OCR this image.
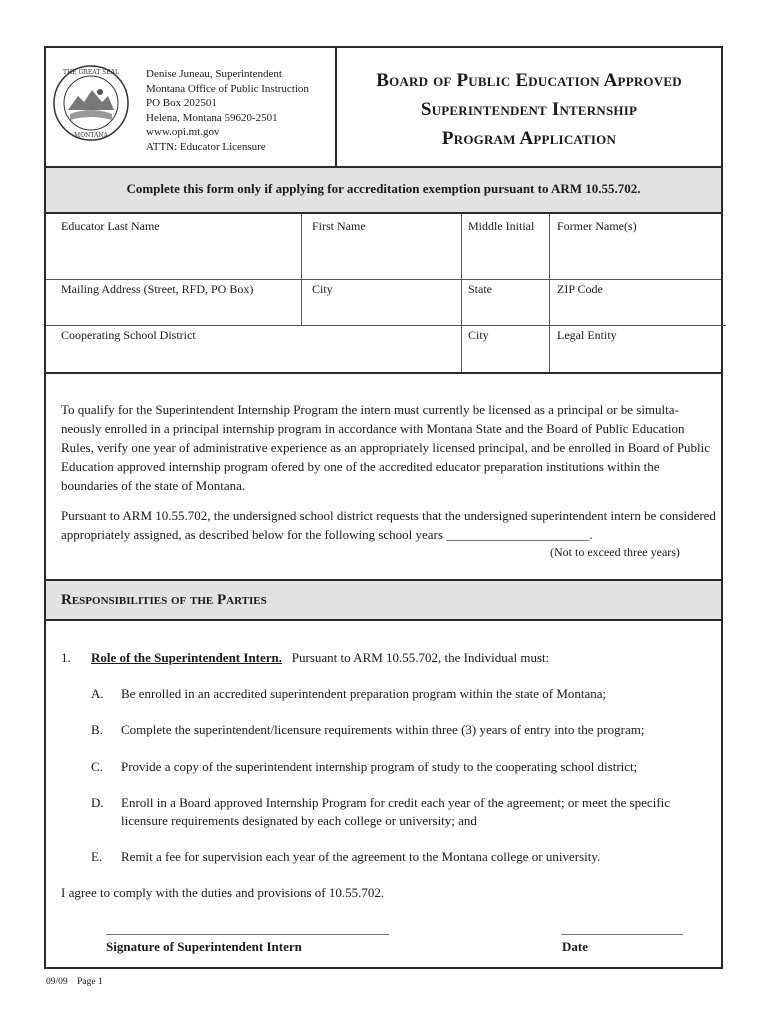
THE GREAT SEAL
MONTANA
Denise Juneau, Superintendent
Montana Office of Public Instruction
PO Box 202501
Helena, Montana 59620-2501
www.opi.mt.gov
ATTN: Educator Licensure
Board of Public Education Approved
Superintendent Internship
Program Application
Complete this form only if applying for accreditation exemption pursuant to ARM 10.55.702.
Educator Last Name	First Name	Middle Initial	Former Name(s)
Mailing Address (Street, RFD, PO Box)	City	State	ZIP Code
Cooperating School District	City	Legal Entity
To qualify for the Superintendent Internship Program the intern must currently be licensed as a principal or be simulta-neously enrolled in a principal internship program in accordance with Montana State and the Board of Public Education Rules, verify one year of administrative experience as an appropriately licensed principal, and be enrolled in Board of Public Education approved internship program ofered by one of the accredited educator preparation institutions within the boundaries of the state of Montana.
Pursuant to ARM 10.55.702, the undersigned school district requests that the undersigned superintendent intern be considered appropriately assigned, as described below for the following school years ______________________.
(Not to exceed three years)
Responsibilities of the Parties
1. Role of the Superintendent Intern. Pursuant to ARM 10.55.702, the Individual must:
A. Be enrolled in an accredited superintendent preparation program within the state of Montana;
B. Complete the superintendent/licensure requirements within three (3) years of entry into the program;
C. Provide a copy of the superintendent internship program of study to the cooperating school district;
D. Enroll in a Board approved Internship Program for credit each year of the agreement; or meet the specific licensure requirements designated by each college or university; and
E. Remit a fee for supervision each year of the agreement to the Montana college or university.
I agree to comply with the duties and provisions of 10.55.702.
Signature of Superintendent Intern	Date
09/09 Page 1
